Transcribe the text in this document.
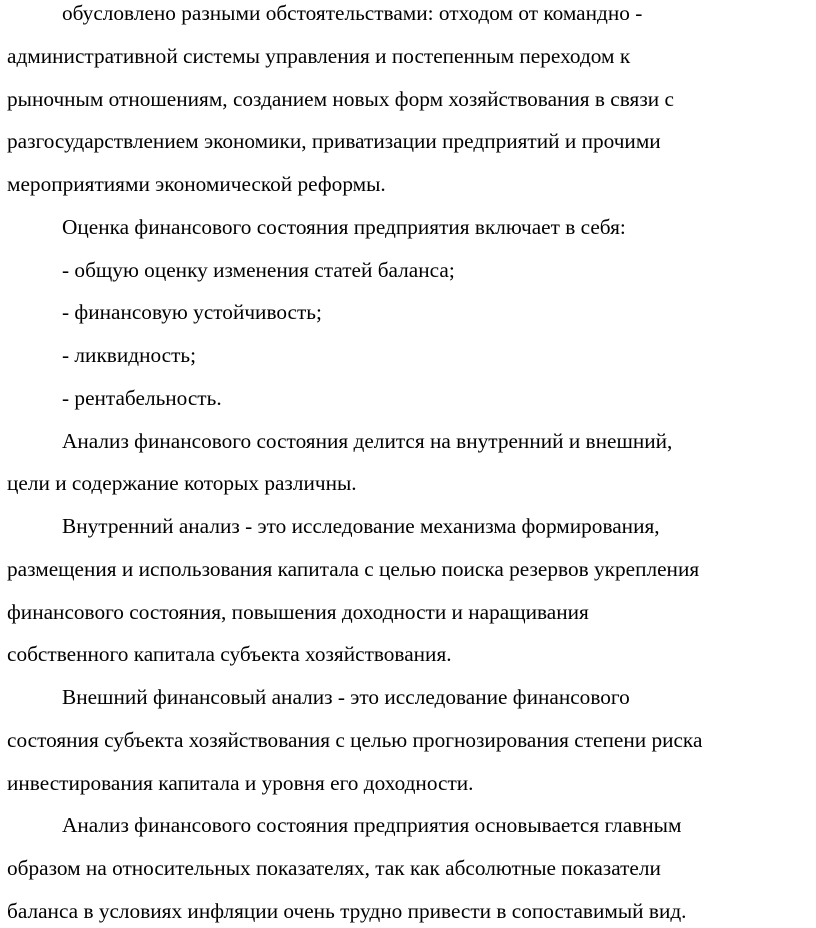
обусловлено разными обстоятельствами: отходом от командно -
административной системы управления и постепенным переходом к
рыночным отношениям, созданием новых форм хозяйствования в связи с
разгосударствлением экономики, приватизации предприятий и прочими
мероприятиями экономической реформы.
Оценка финансового состояния предприятия включает в себя:
- общую оценку изменения статей баланса;
- финансовую устойчивость;
- ликвидность;
- рентабельность.
Анализ финансового состояния делится на внутренний и внешний,
цели и содержание которых различны.
Внутренний анализ - это исследование механизма формирования,
размещения и использования капитала с целью поиска резервов укрепления
финансового состояния, повышения доходности и наращивания
собственного капитала субъекта хозяйствования.
Внешний финансовый анализ - это исследование финансового
состояния субъекта хозяйствования с целью прогнозирования степени риска
инвестирования капитала и уровня его доходности.
Анализ финансового состояния предприятия основывается главным
образом на относительных показателях, так как абсолютные показатели
баланса в условиях инфляции очень трудно привести в сопоставимый вид.
